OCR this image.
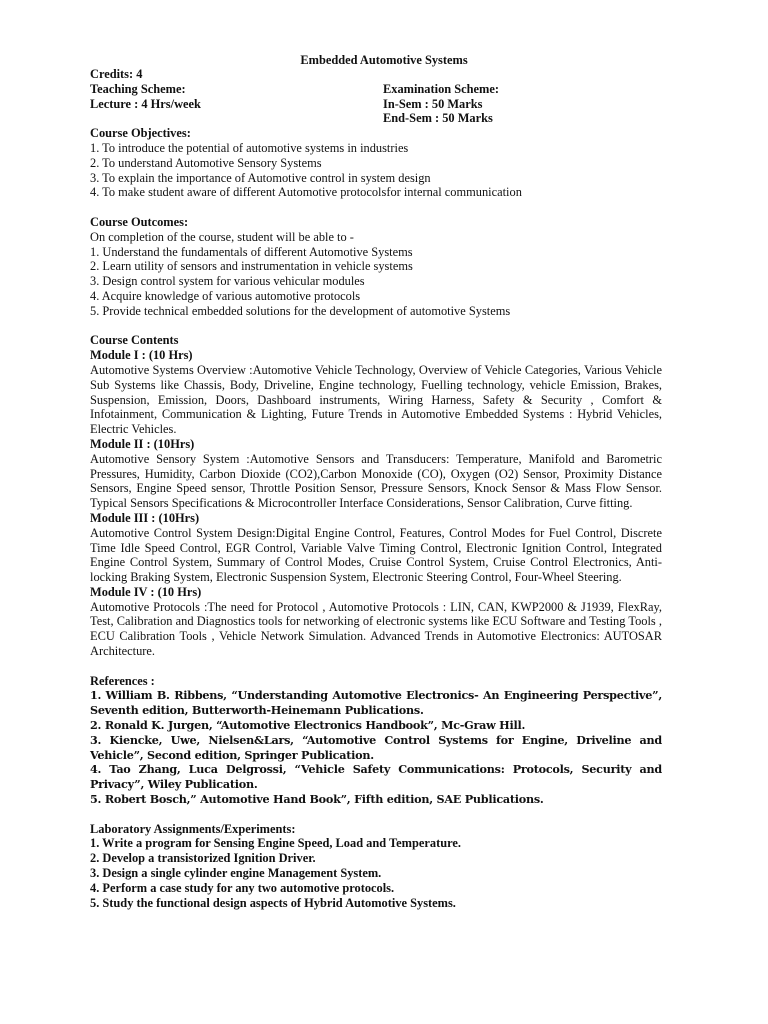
Embedded Automotive Systems
Credits: 4
Teaching Scheme:	Examination Scheme:
Lecture : 4 Hrs/week	In-Sem : 50 Marks
End-Sem : 50 Marks
Course Objectives:
1. To introduce the potential of automotive systems in industries
2. To understand Automotive Sensory Systems
3. To explain the importance of Automotive control in system design
4. To make student aware of different Automotive protocolsfor internal communication
Course Outcomes:
On completion of the course, student will be able to -
1. Understand the fundamentals of different Automotive Systems
2. Learn utility of sensors and instrumentation in vehicle systems
3. Design control system for various vehicular modules
4. Acquire knowledge of various automotive protocols
5. Provide technical embedded solutions for the development of automotive Systems
Course Contents
Module I : (10 Hrs)

Automotive Systems Overview :Automotive Vehicle Technology, Overview of Vehicle Categories, Various Vehicle Sub Systems like Chassis, Body, Driveline, Engine technology, Fuelling technology, vehicle Emission, Brakes, Suspension, Emission, Doors, Dashboard instruments, Wiring Harness, Safety & Security , Comfort & Infotainment, Communication & Lighting, Future Trends in Automotive Embedded Systems : Hybrid Vehicles, Electric Vehicles.

Module II : (10Hrs)

Automotive Sensory System :Automotive Sensors and Transducers: Temperature, Manifold and Barometric Pressures, Humidity, Carbon Dioxide (CO2),Carbon Monoxide (CO), Oxygen (O2) Sensor, Proximity Distance Sensors, Engine Speed sensor, Throttle Position Sensor, Pressure Sensors, Knock Sensor & Mass Flow Sensor. Typical Sensors Specifications & Microcontroller Interface Considerations, Sensor Calibration, Curve fitting.

Module III : (10Hrs)

Automotive Control System Design:Digital Engine Control, Features, Control Modes for Fuel Control, Discrete Time Idle Speed Control, EGR Control, Variable Valve Timing Control, Electronic Ignition Control, Integrated Engine Control System, Summary of Control Modes, Cruise Control System, Cruise Control Electronics, Anti-locking Braking System, Electronic Suspension System, Electronic Steering Control, Four-Wheel Steering.

Module IV : (10 Hrs)

Automotive Protocols :The need for Protocol , Automotive Protocols : LIN, CAN, KWP2000 & J1939, FlexRay, Test, Calibration and Diagnostics tools for networking of electronic systems like ECU Software and Testing Tools , ECU Calibration Tools , Vehicle Network Simulation. Advanced Trends in Automotive Electronics: AUTOSAR Architecture.

References :

1. William B. Ribbens, “Understanding Automotive Electronics- An Engineering Perspective”, Seventh edition, Butterworth-Heinemann Publications.

2. Ronald K. Jurgen, “Automotive Electronics Handbook”, Mc-Graw Hill.

3. Kiencke, Uwe, Nielsen&Lars, “Automotive Control Systems for Engine, Driveline and Vehicle”, Second edition, Springer Publication.

4. Tao Zhang, Luca Delgrossi, “Vehicle Safety Communications: Protocols, Security and Privacy”, Wiley Publication.

5. Robert Bosch,” Automotive Hand Book”, Fifth edition, SAE Publications.

Laboratory Assignments/Experiments:
1. Write a program for Sensing Engine Speed, Load and Temperature.
2. Develop a transistorized Ignition Driver.
3. Design a single cylinder engine Management System.
4. Perform a case study for any two automotive protocols.
5. Study the functional design aspects of Hybrid Automotive Systems.
